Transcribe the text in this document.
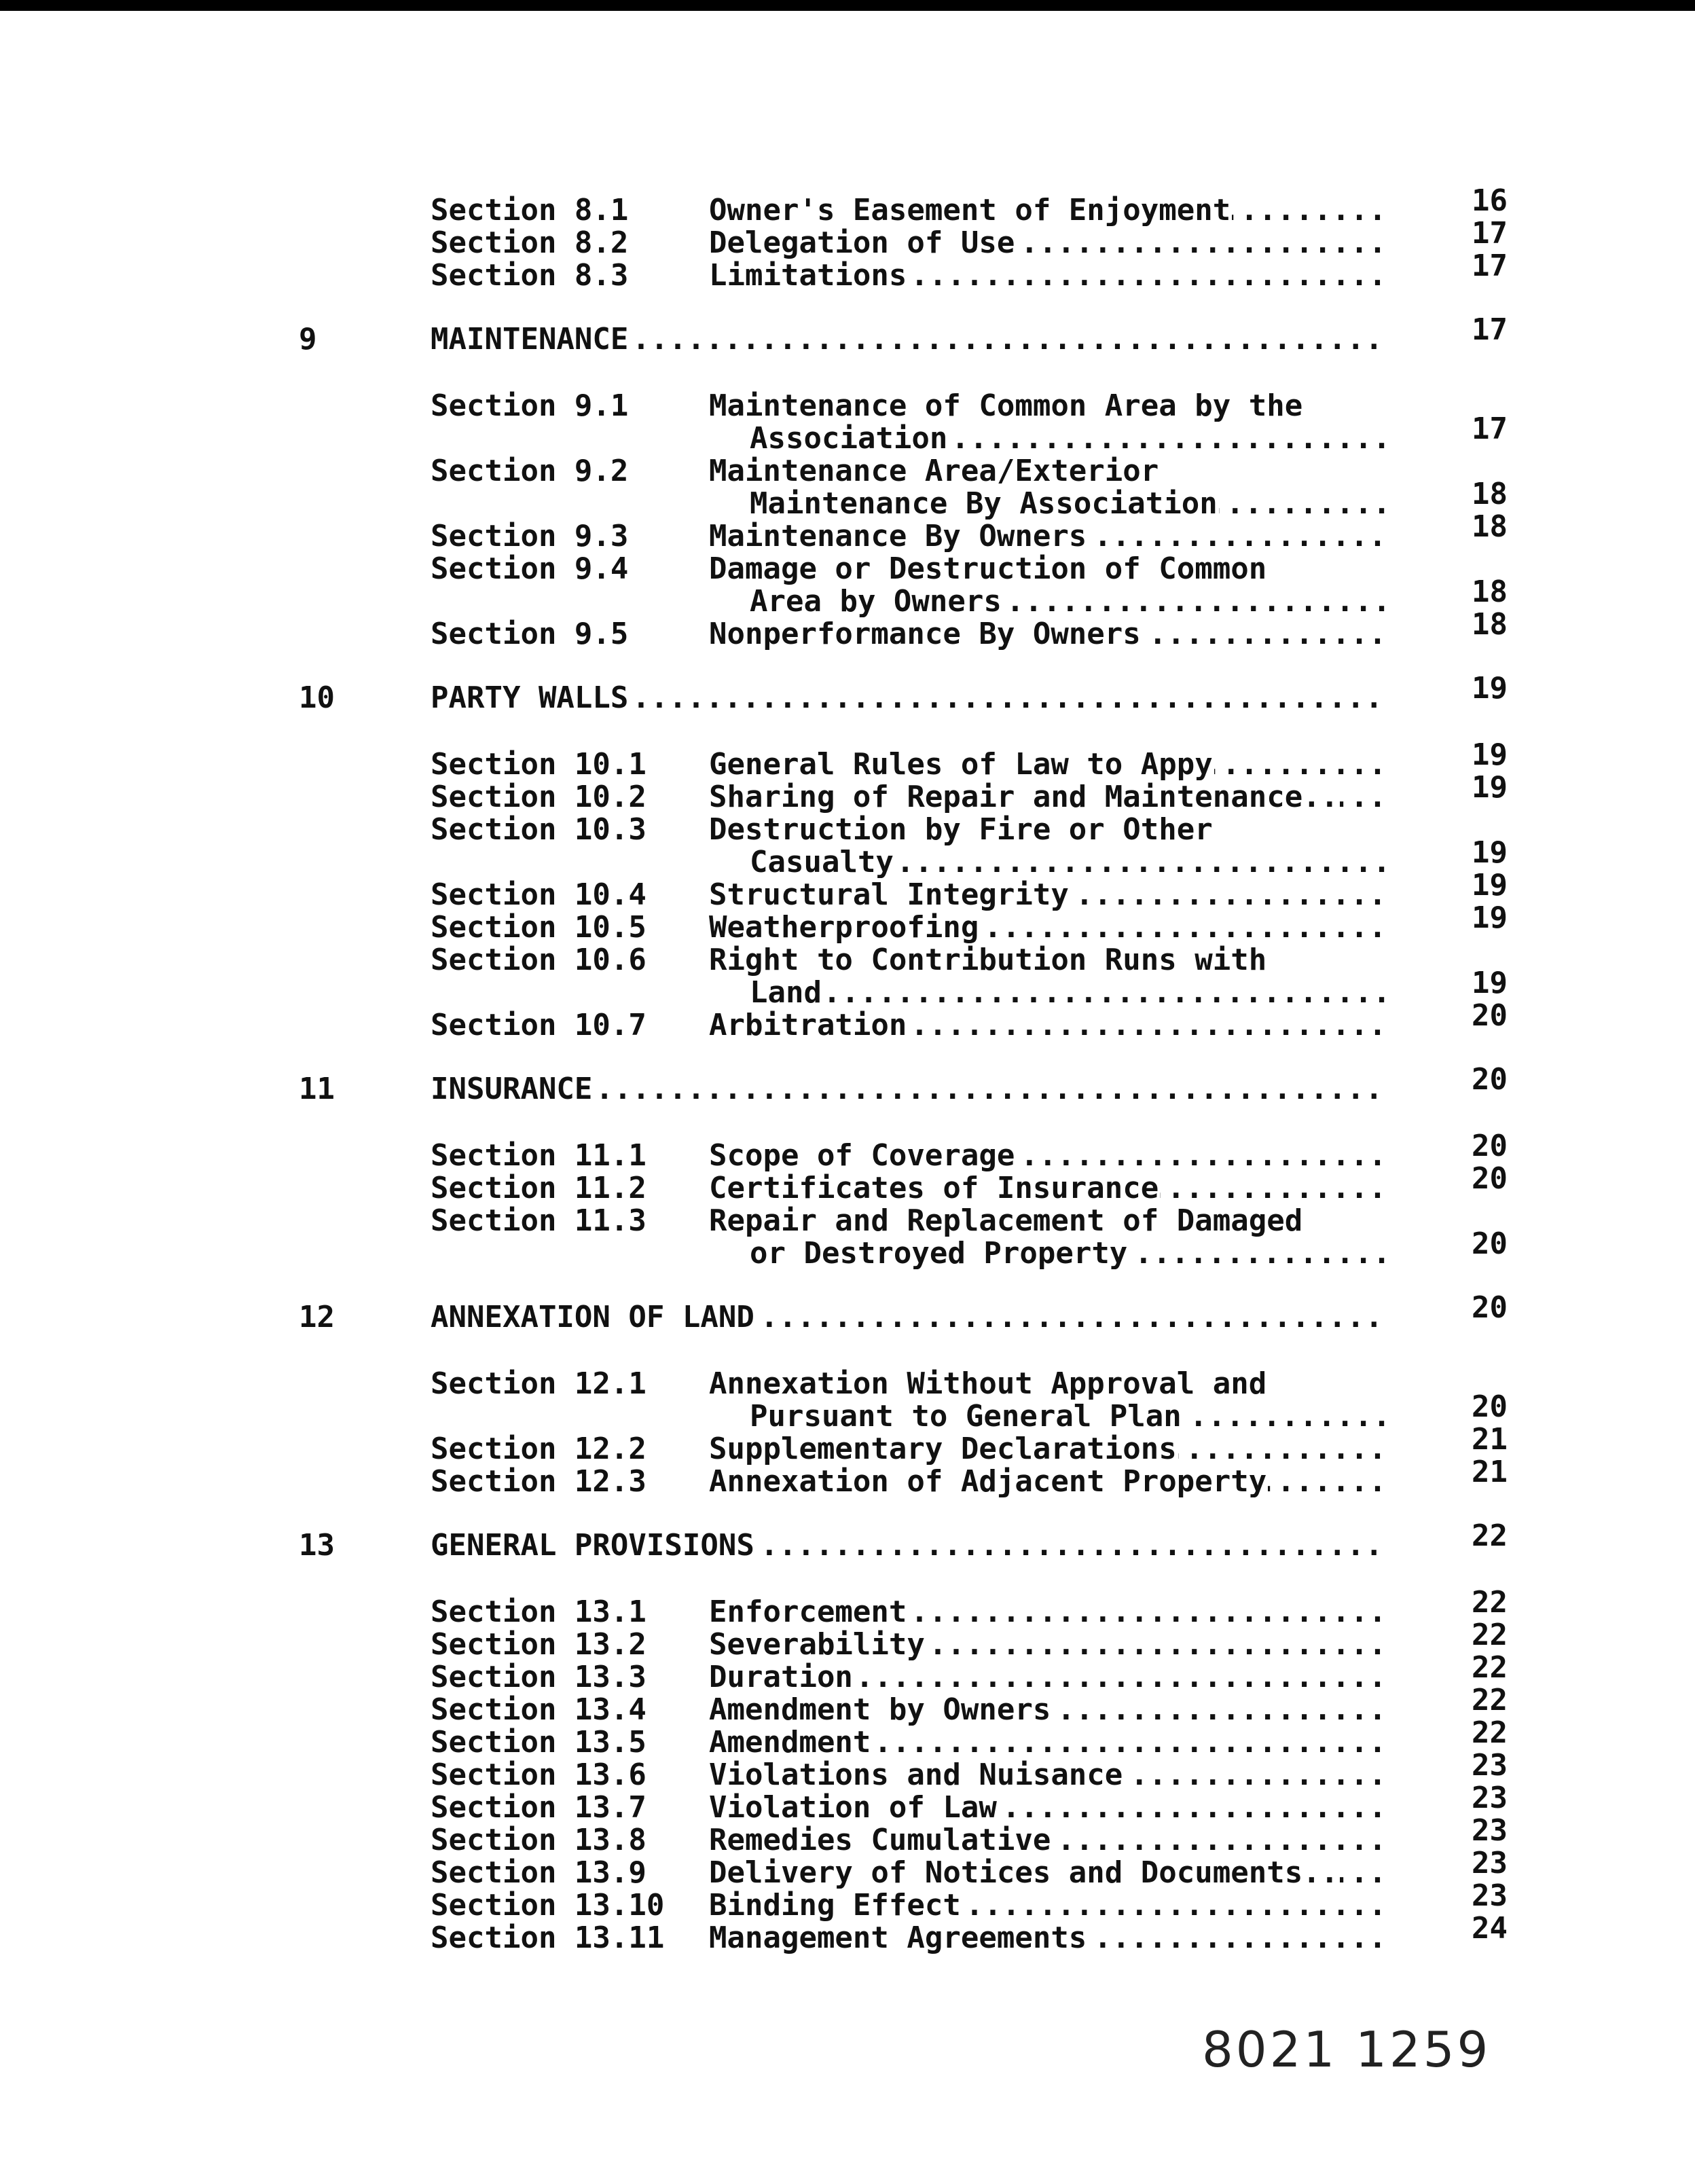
Section 8.1	Owner's Easement of Enjoyment . . .	16
Section 8.2	Delegation of Use . . .	17
Section 8.3	Limitations . . .	17
9	MAINTENANCE . . .	17
Section 9.1	Maintenance of Common Area by the
Association . . .	17
Section 9.2	Maintenance Area/Exterior
Maintenance By Association . . .	18
Section 9.3	Maintenance By Owners . . .	18
Section 9.4	Damage or Destruction of Common
Area by Owners . . .	18
Section 9.5	Nonperformance By Owners . . .	18
10	PARTY WALLS . . .	19
Section 10.1	General Rules of Law to Appy . . .	19
Section 10.2	Sharing of Repair and Maintenance.. . . .	19
Section 10.3	Destruction by Fire or Other
Casualty . . .	19
Section 10.4	Structural Integrity . . .	19
Section 10.5	Weatherproofing . . .	19
Section 10.6	Right to Contribution Runs with
Land . . .	19
Section 10.7	Arbitration . . .	20
11	INSURANCE . . .	20
Section 11.1	Scope of Coverage . . .	20
Section 11.2	Certificates of Insurance . . .	20
Section 11.3	Repair and Replacement of Damaged
or Destroyed Property . . .	20
12	ANNEXATION OF LAND . . .	20
Section 12.1	Annexation Without Approval and
Pursuant to General Plan . . .	20
Section 12.2	Supplementary Declarations . . .	21
Section 12.3	Annexation of Adjacent Property . . .	21
13	GENERAL PROVISIONS . . .	22
Section 13.1	Enforcement . . .	22
Section 13.2	Severability . . .	22
Section 13.3	Duration . . .	22
Section 13.4	Amendment by Owners . . .	22
Section 13.5	Amendment . . .	22
Section 13.6	Violations and Nuisance . . .	23
Section 13.7	Violation of Law . . .	23
Section 13.8	Remedies Cumulative . . .	23
Section 13.9	Delivery of Notices and Documents.. . . .	23
Section 13.10	Binding Effect . . .	23
Section 13.11	Management Agreements . . .	24
8021 1259
